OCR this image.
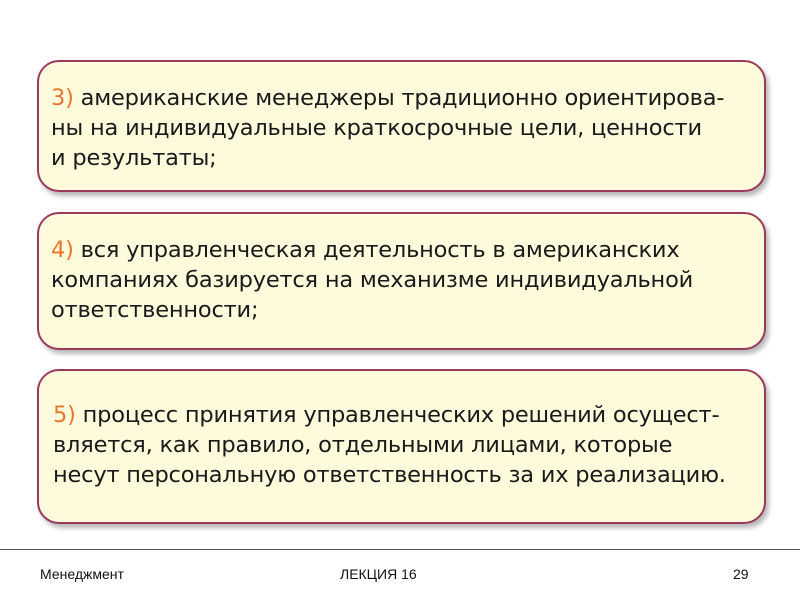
3) американские менеджеры традиционно ориентирова-
ны на индивидуальные краткосрочные цели, ценности
и результаты;
4) вся управленческая деятельность в американских
компаниях базируется на механизме индивидуальной
ответственности;
5) процесс принятия управленческих решений осущест-
вляется, как правило, отдельными лицами, которые
несут персональную ответственность за их реализацию.
Менеджмент	ЛЕКЦИЯ 16	29
